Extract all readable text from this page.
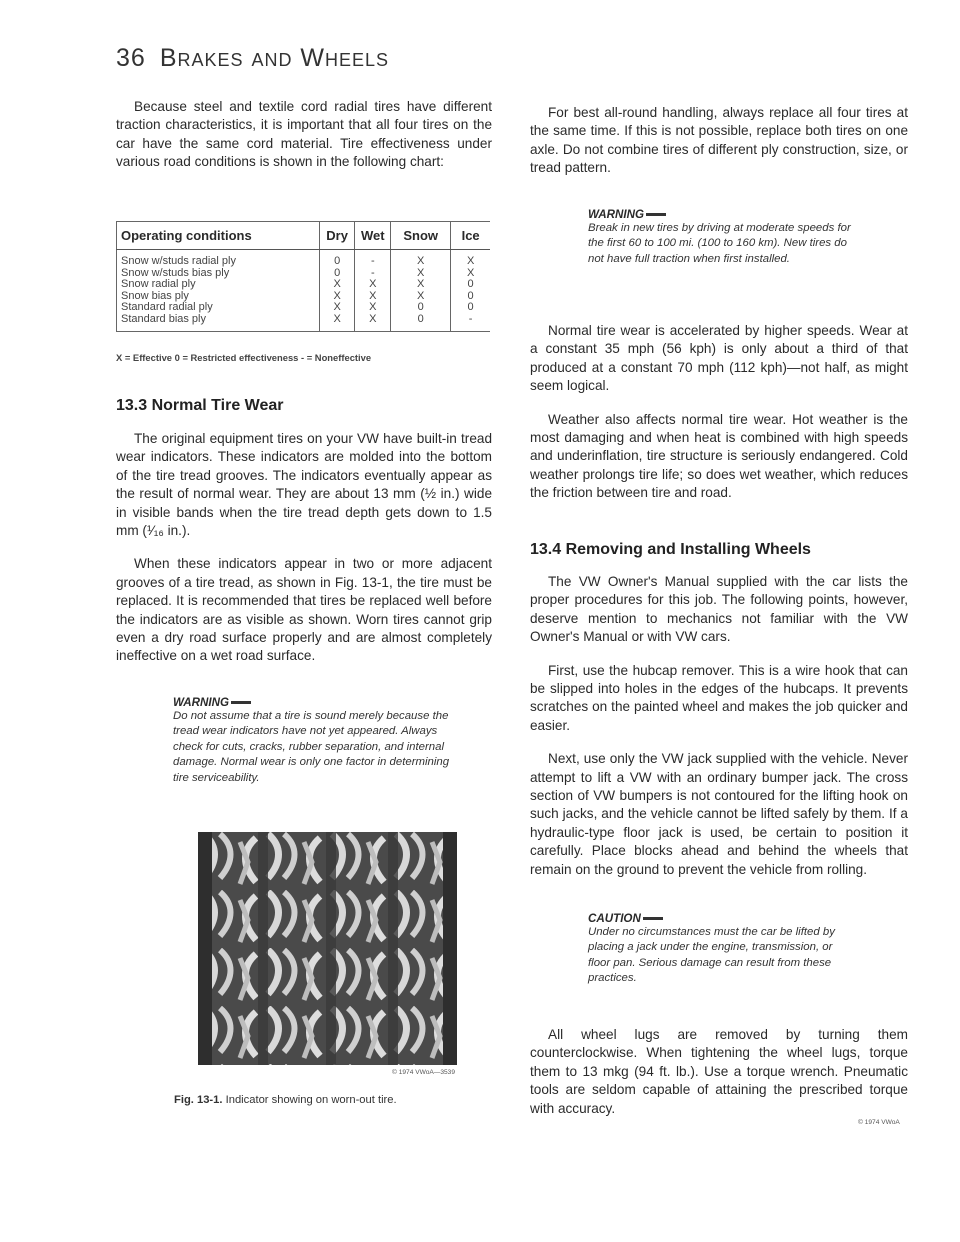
36 Brakes and Wheels

Because steel and textile cord radial tires have different traction characteristics, it is important that all four tires on the car have the same cord material. Tire effectiveness under various road conditions is shown in the following chart:

Operating conditions	Dry	Wet	Snow	Ice
Snow w/studs radial ply	0	-	X	X
Snow w/studs bias ply	0	-	X	X
Snow radial ply	X	X	X	0
Snow bias ply	X	X	X	0
Standard radial ply	X	X	0	0
Standard bias ply	X	X	0	-
X = Effective 0 = Restricted effectiveness - = Noneffective
13.3 Normal Tire Wear

The original equipment tires on your VW have built-in tread wear indicators. These indicators are molded into the bottom of the tire tread grooves. The indicators eventually appear as the result of normal wear. They are about 13 mm (½ in.) wide in visible bands when the tire tread depth gets down to 1.5 mm (¹⁄₁₆ in.).

When these indicators appear in two or more adjacent grooves of a tire tread, as shown in Fig. 13-1, the tire must be replaced. It is recommended that tires be replaced well before the indicators are as visible as shown. Worn tires cannot grip even a dry road surface properly and are almost completely ineffective on a wet road surface.

WARNING
Do not assume that a tire is sound merely because the tread wear indicators have not yet appeared. Always check for cuts, cracks, rubber separation, and internal damage. Normal wear is only one factor in determining tire serviceability.
© 1974 VWoA—3539
Fig. 13-1. Indicator showing on worn-out tire.

For best all-round handling, always replace all four tires at the same time. If this is not possible, replace both tires on one axle. Do not combine tires of different ply construction, size, or tread pattern.

WARNING
Break in new tires by driving at moderate speeds for the first 60 to 100 mi. (100 to 160 km). New tires do not have full traction when first installed.

Normal tire wear is accelerated by higher speeds. Wear at a constant 35 mph (56 kph) is only about a third of that produced at a constant 70 mph (112 kph)—not half, as might seem logical.

Weather also affects normal tire wear. Hot weather is the most damaging and when heat is combined with high speeds and underinflation, tire structure is seriously endangered. Cold weather prolongs tire life; so does wet weather, which reduces the friction between tire and road.

13.4 Removing and Installing Wheels

The VW Owner's Manual supplied with the car lists the proper procedures for this job. The following points, however, deserve mention to mechanics not familiar with the VW Owner's Manual or with VW cars.

First, use the hubcap remover. This is a wire hook that can be slipped into holes in the edges of the hubcaps. It prevents scratches on the painted wheel and makes the job quicker and easier.

Next, use only the VW jack supplied with the vehicle. Never attempt to lift a VW with an ordinary bumper jack. The cross section of VW bumpers is not contoured for the lifting hook on such jacks, and the vehicle cannot be lifted safely by them. If a hydraulic-type floor jack is used, be certain to position it carefully. Place blocks ahead and behind the wheels that remain on the ground to prevent the vehicle from rolling.

CAUTION
Under no circumstances must the car be lifted by placing a jack under the engine, transmission, or floor pan. Serious damage can result from these practices.

All wheel lugs are removed by turning them counterclockwise. When tightening the wheel lugs, torque them to 13 mkg (94 ft. lb.). Use a torque wrench. Pneumatic tools are seldom capable of attaining the prescribed torque with accuracy.

© 1974 VWoA
